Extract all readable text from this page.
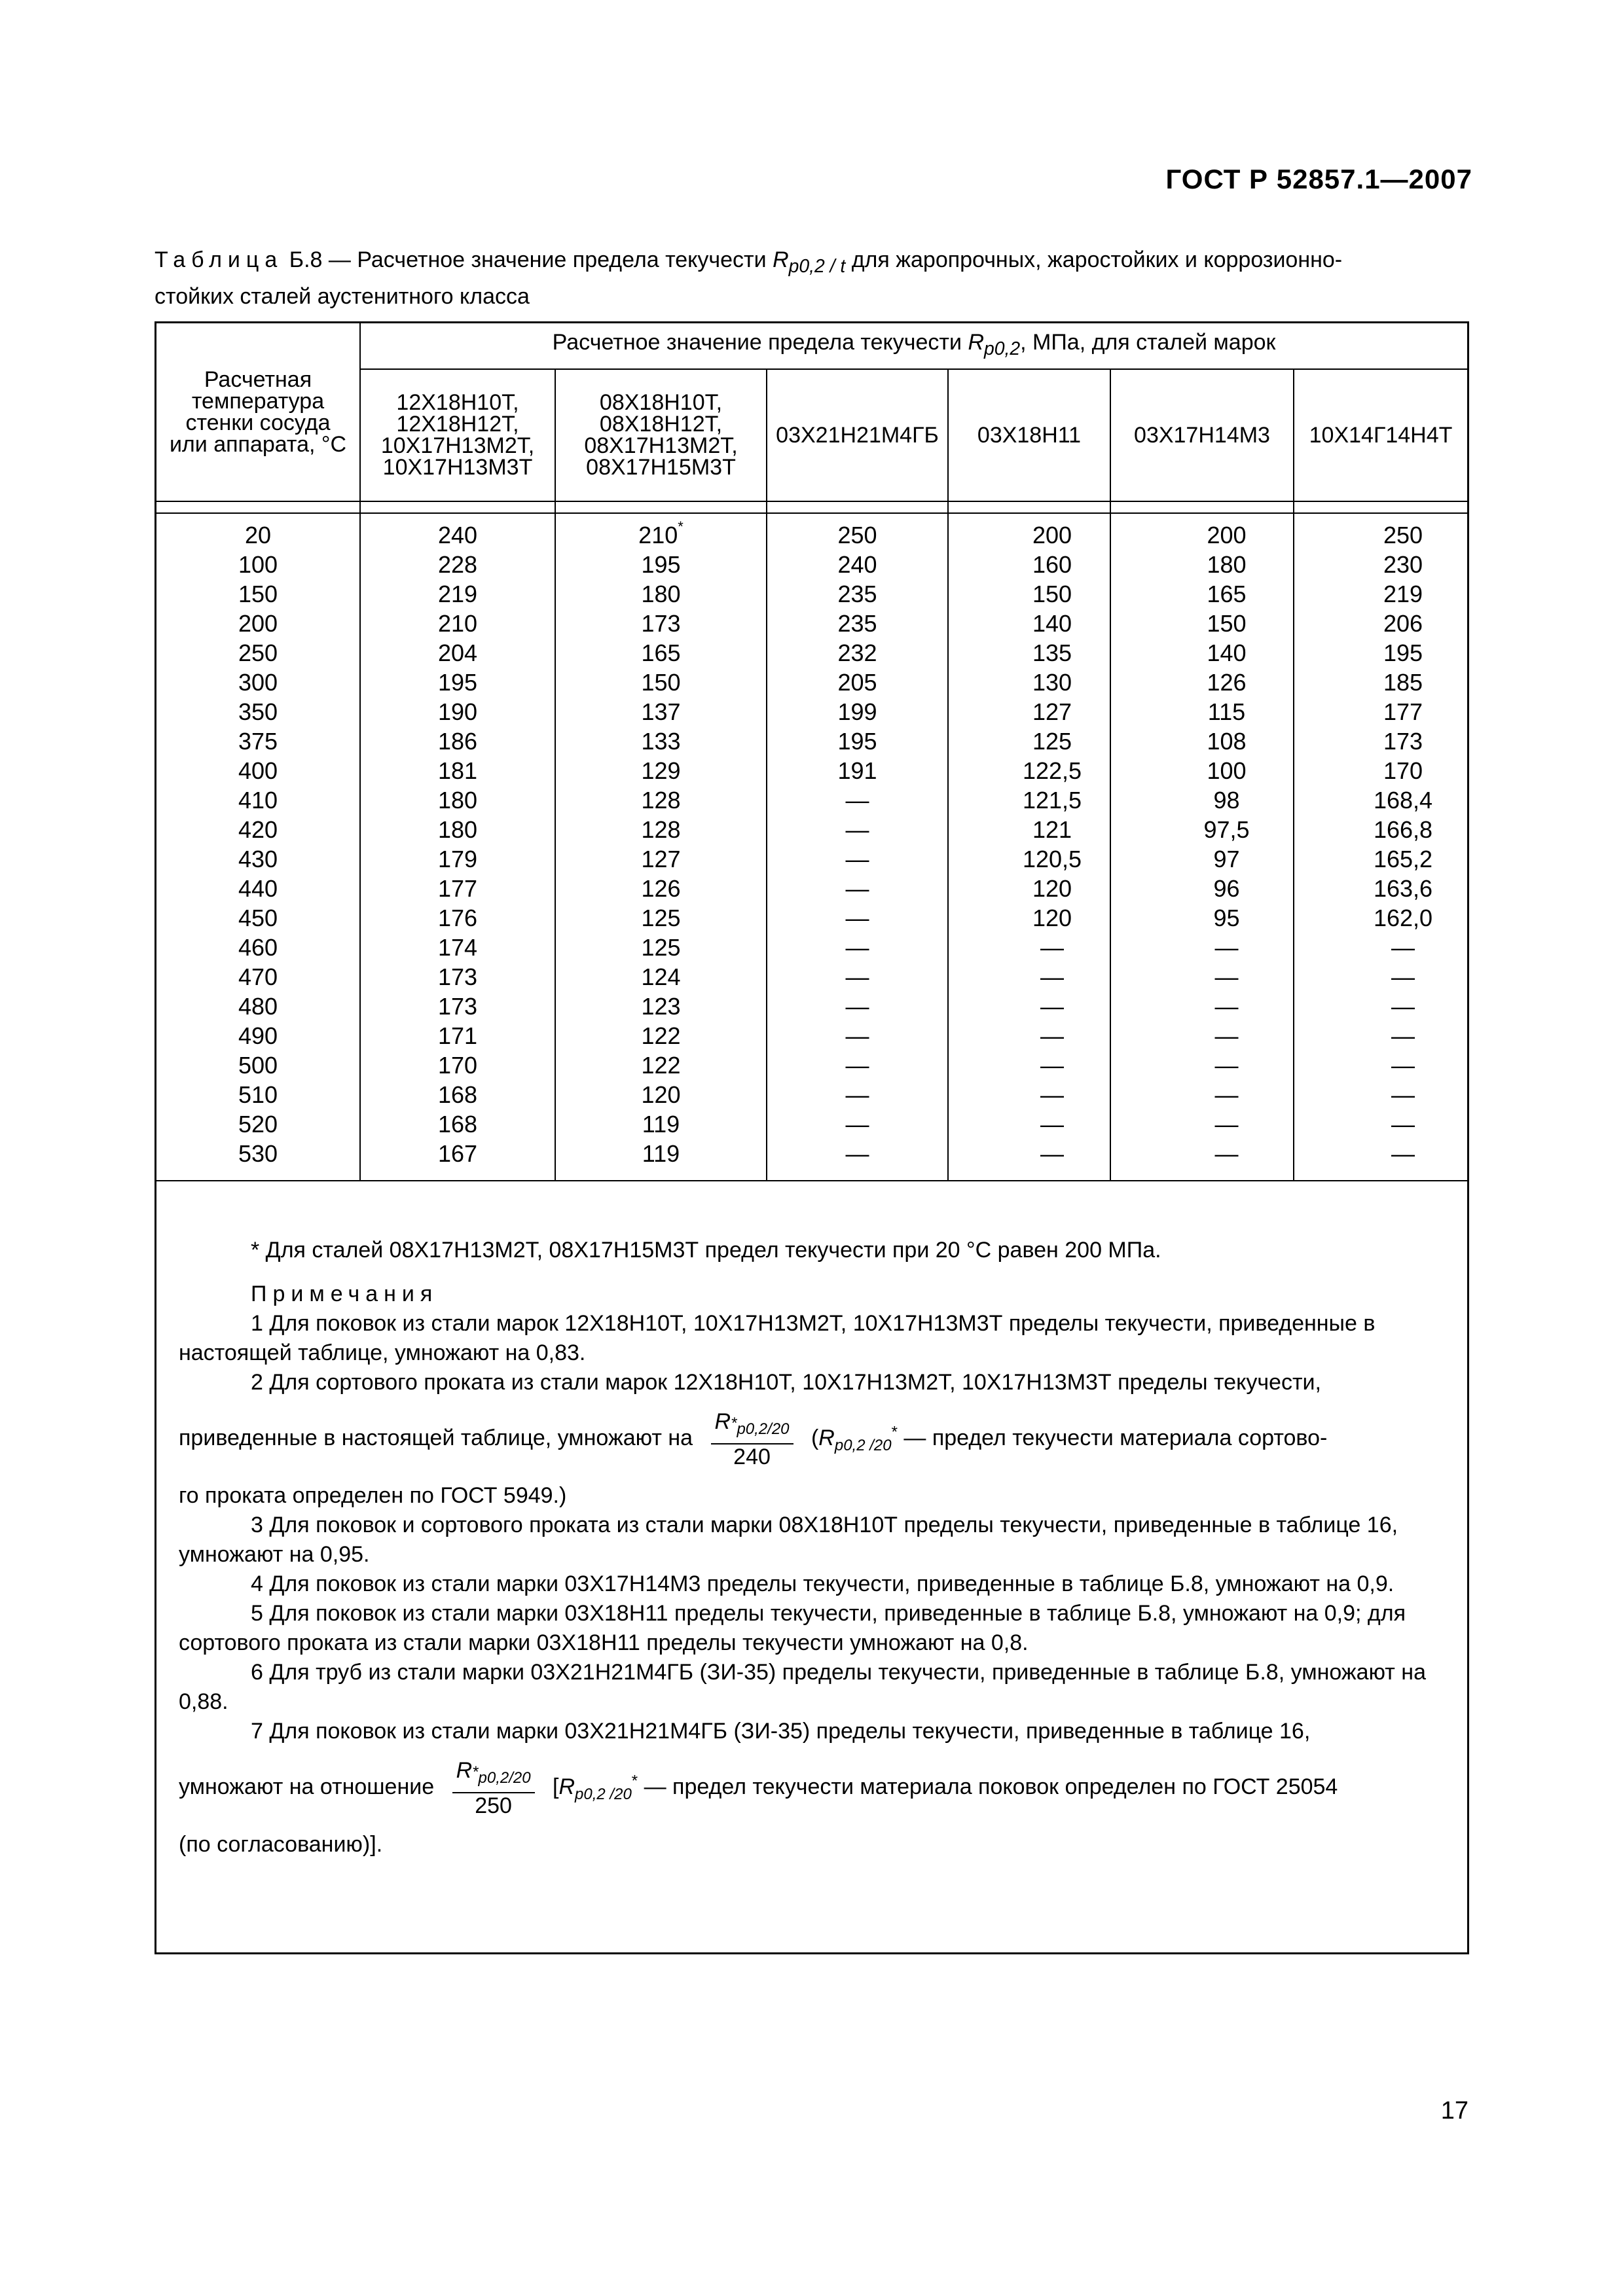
ГОСТ Р 52857.1—2007
Таблица Б.8 — Расчетное значение предела текучести $R_{p0,2 / t}$ для жаропрочных, жаростойких и коррозионно-
стойких сталей аустенитного класса
Расчетная температура стенки сосуда или аппарата, °C	Расчетное значение предела текучести $R_{p0,2}$, МПа, для сталей марок					
	12Х18Н10Т,
12Х18Н12Т,
10Х17Н13М2Т,
10Х17Н13М3Т	08Х18Н10Т,
08Х18Н12Т,
08Х17Н13М2Т,
08Х17Н15М3Т	03Х21Н21М4ГБ	03Х18Н11	03Х17Н14М3	10Х14Г14Н4Т

20	240	210*	250	200	200	250
100	228	195	240	160	180	230
150	219	180	235	150	165	219
200	210	173	235	140	150	206
250	204	165	232	135	140	195
300	195	150	205	130	126	185
350	190	137	199	127	115	177
375	186	133	195	125	108	173
400	181	129	191	122,5	100	170
410	180	128	—	121,5	98	168,4
420	180	128	—	121	97,5	166,8
430	179	127	—	120,5	97	165,2
440	177	126	—	120	96	163,6
450	176	125	—	120	95	162,0
460	174	125	—	—	—	—
470	173	124	—	—	—	—
480	173	123	—	—	—	—
490	171	122	—	—	—	—
500	170	122	—	—	—	—
510	168	120	—	—	—	—
520	168	119	—	—	—	—
530	167	119	—	—	—	—

* Для сталей 08Х17Н13М2Т, 08Х17Н15М3Т предел текучести при 20 °C равен 200 МПа.

Примечания

1 Для поковок из стали марок 12Х18Н10Т, 10Х17Н13М2Т, 10Х17Н13М3Т пределы текучести, приведенные в настоящей таблице, умножают на 0,83.

2 Для сортового проката из стали марок 12Х18Н10Т, 10Х17Н13М2Т, 10Х17Н13М3Т пределы текучести,

приведенные в настоящей таблице, умножают на $\frac{R_{^*p0,2/20}}{240} (R_{p0,2 /20}^*$ — предел текучести материала сортово-

го проката определен по ГОСТ 5949.)

3 Для поковок и сортового проката из стали марки 08Х18Н10Т пределы текучести, приведенные в таблице 16, умножают на 0,95.

4 Для поковок из стали марки 03Х17Н14М3 пределы текучести, приведенные в таблице Б.8, умножают на 0,9.

5 Для поковок из стали марки 03Х18Н11 пределы текучести, приведенные в таблице Б.8, умножают на 0,9; для сортового проката из стали марки 03Х18Н11 пределы текучести умножают на 0,8.

6 Для труб из стали марки 03Х21Н21М4ГБ (ЗИ-35) пределы текучести, приведенные в таблице Б.8, умножают на 0,88.

7 Для поковок из стали марки 03Х21Н21М4ГБ (ЗИ-35) пределы текучести, приведенные в таблице 16,

умножают на отношение $\frac{R_{^*p0,2/20}}{250} [R_{p0,2 /20}^*$ — предел текучести материала поковок определен по ГОСТ 25054

(по согласованию)].

17
